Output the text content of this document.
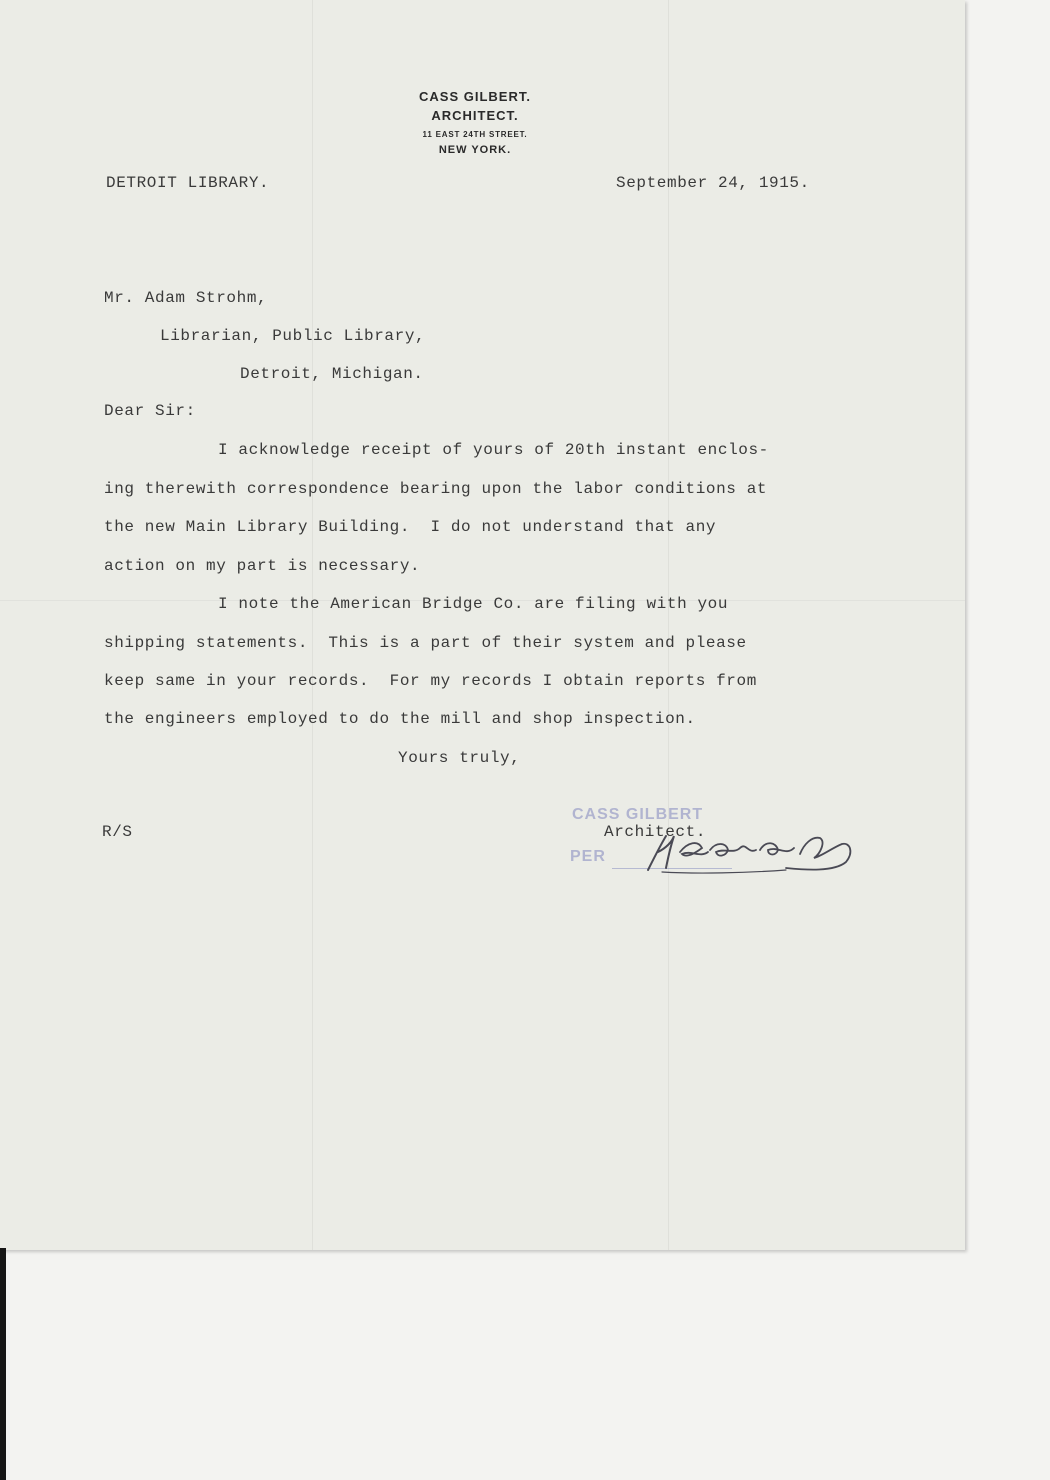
CASS GILBERT.
ARCHITECT.
11 EAST 24TH STREET.
NEW YORK.
DETROIT LIBRARY.	September 24, 1915.
Mr. Adam Strohm,
Librarian, Public Library,
Detroit, Michigan.
Dear Sir:
I acknowledge receipt of yours of 20th instant enclos-
ing therewith correspondence bearing upon the labor conditions at
the new Main Library Building.  I do not understand that any
action on my part is necessary.
I note the American Bridge Co. are filing with you
shipping statements.  This is a part of their system and please
keep same in your records.  For my records I obtain reports from
the engineers employed to do the mill and shop inspection.
Yours truly,
R/S
CASS GILBERT
PER
Architect.
